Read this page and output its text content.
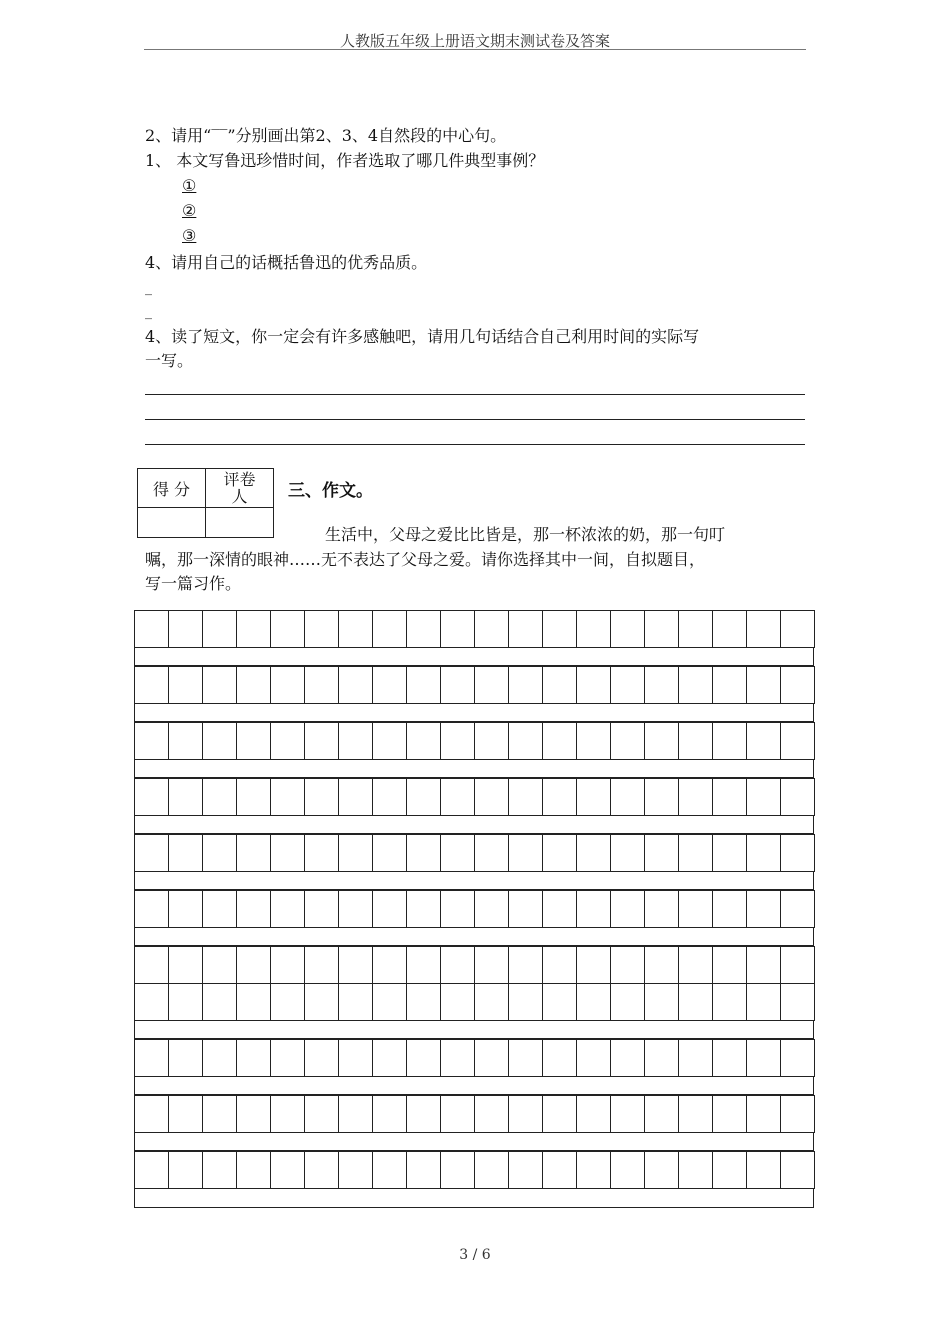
人教版五年级上册语文期末测试卷及答案
2、请用“‾‾”分别画出第2、3、4自然段的中心句。
1、 本文写鲁迅珍惜时间，作者选取了哪几件典型事例？
①
②
③
4、请用自己的话概括鲁迅的优秀品质。
_
_
4、读了短文，你一定会有许多感触吧，请用几句话结合自己利用时间的实际写
一写。
得 分	评卷
人

		三、作文。
生活中，父母之爱比比皆是，那一杯浓浓的奶，那一句叮
嘱，那一深情的眼神……无不表达了父母之爱。请你选择其中一间，自拟题目，
写一篇习作。
3 / 6
